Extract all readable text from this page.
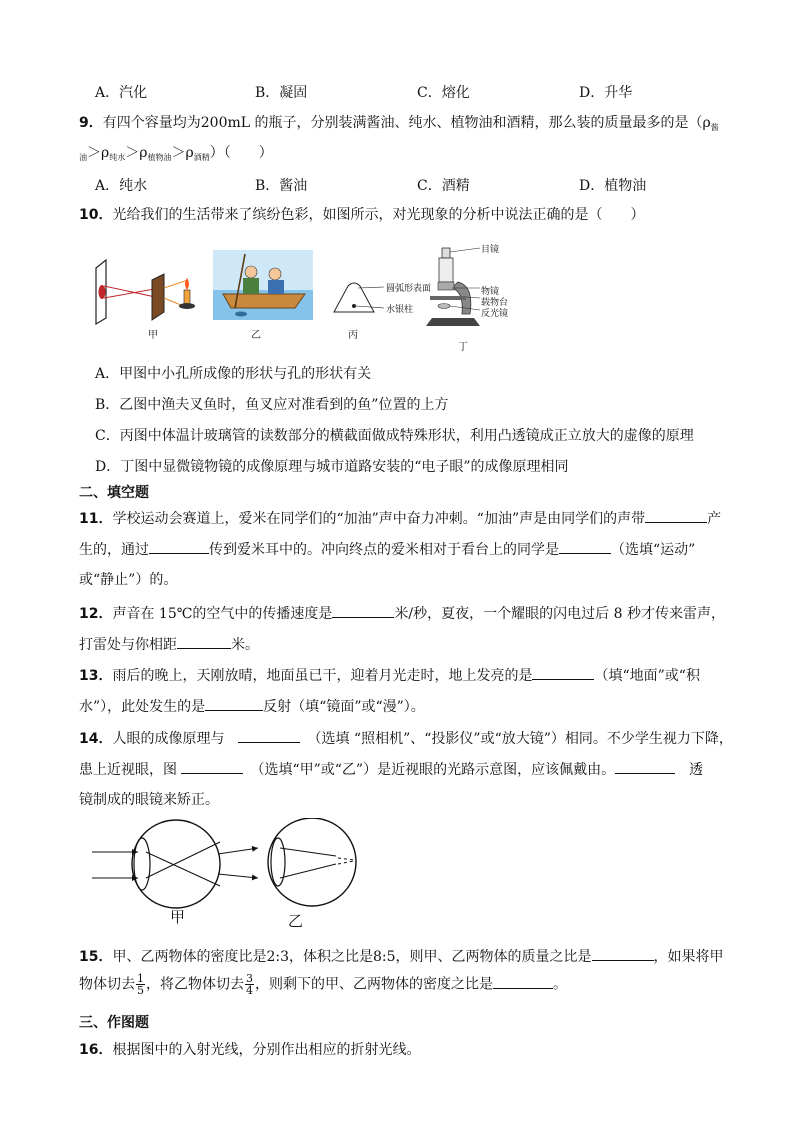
A．汽化	B．凝固	C．熔化	D．升华
9．有四个容量均为200mL 的瓶子，分别装满酱油、纯水、植物油和酒精，那么装的质量最多的是（$\rho_酱$
$_油>\rho_{纯水}>\rho_{植物油}>\rho_{酒精}$）（　　）
A．纯水	B．酱油	C．酒精	D．植物油
10．光给我们的生活带来了缤纷色彩，如图所示，对光现象的分析中说法正确的是（　　）
甲	乙
圆弧形表面
水银柱
丙
目镜
物镜
载物台
反光镜
丁
A．甲图中小孔所成像的形状与孔的形状有关
B．乙图中渔夫叉鱼时，鱼叉应对准看到的鱼”位置的上方
C．丙图中体温计玻璃管的读数部分的横截面做成特殊形状，利用凸透镜成正立放大的虚像的原理
D．丁图中显微镜物镜的成像原理与城市道路安装的“电子眼”的成像原理相同
二、填空题
11．学校运动会赛道上，爱米在同学们的“加油”声中奋力冲刺。“加油”声是由同学们的声带	产
生的，通过	传到爱米耳中的。冲向终点的爱米相对于看台上的同学是	（选填“运动”
或“静止”）的。
12．声音在 15℃的空气中的传播速度是	米/秒，夏夜，一个耀眼的闪电过后 8 秒才传来雷声，
打雷处与你相距	米。
13．雨后的晚上，天刚放晴，地面虽已干，迎着月光走时，地上发亮的是	（填“地面”或“积
水”），此处发生的是	反射（填“镜面”或“漫”）。
14．人眼的成像原理与　　	（选填 “照相机”、“投影仪”或“放大镜”）相同。不少学生视力下降，
患上近视眼，图 　	（选填“甲”或“乙”）是近视眼的光路示意图，应该佩戴由。　	透
镜制成的眼镜来矫正。
甲	乙
15．甲、乙两物体的密度比是2:3，体积之比是8:5，则甲、乙两物体的质量之比是	，如果将甲
物体切去 $\frac{1}{5}$ ，将乙物体切去 $\frac{3}{4}$ ，则剩下的甲、乙两物体的密度之比是	。
三、作图题
16．根据图中的入射光线，分别作出相应的折射光线。
